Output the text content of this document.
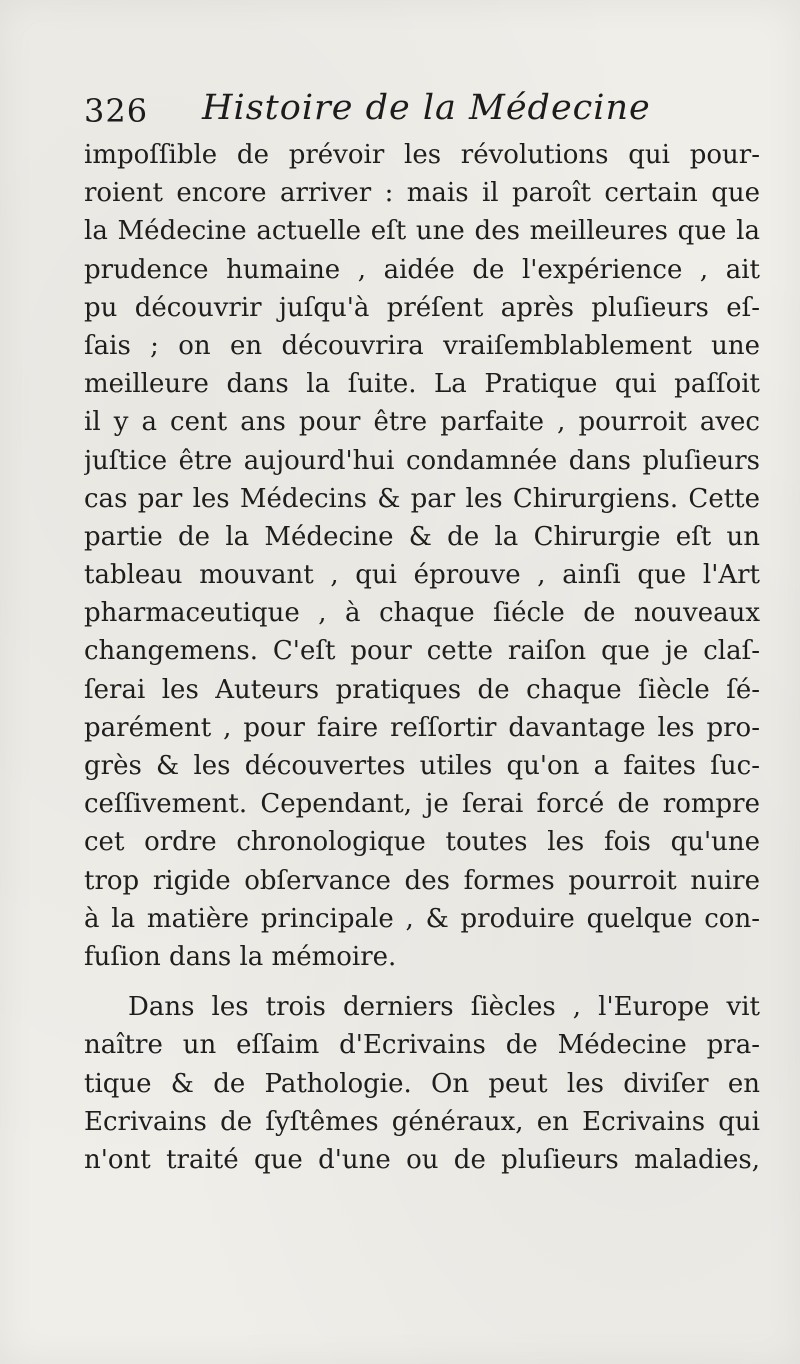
326 Histoire de la Médecine
impoſſible de prévoir les révolutions qui pour-
roient encore arriver : mais il paroît certain que
la Médecine actuelle eſt une des meilleures que la
prudence humaine , aidée de l'expérience , ait
pu découvrir juſqu'à préſent après pluſieurs eſ-
ſais ; on en découvrira vraiſemblablement une
meilleure dans la ſuite. La Pratique qui paſſoit
il y a cent ans pour être parfaite , pourroit avec
juſtice être aujourd'hui condamnée dans pluſieurs
cas par les Médecins & par les Chirurgiens. Cette
partie de la Médecine & de la Chirurgie eſt un
tableau mouvant , qui éprouve , ainſi que l'Art
pharmaceutique , à chaque ſiécle de nouveaux
changemens. C'eſt pour cette raiſon que je claſ-
ſerai les Auteurs pratiques de chaque ſiècle ſé-
parément , pour faire reſſortir davantage les pro-
grès & les découvertes utiles qu'on a faites ſuc-
ceſſivement. Cependant, je ſerai forcé de rompre
cet ordre chronologique toutes les fois qu'une
trop rigide obſervance des formes pourroit nuire
à la matière principale , & produire quelque con-
fuſion dans la mémoire.
Dans les trois derniers ſiècles , l'Europe vit
naître un eſſaim d'Ecrivains de Médecine pra-
tique & de Pathologie. On peut les diviſer en
Ecrivains de ſyſtêmes généraux, en Ecrivains qui
n'ont traité que d'une ou de pluſieurs maladies,
